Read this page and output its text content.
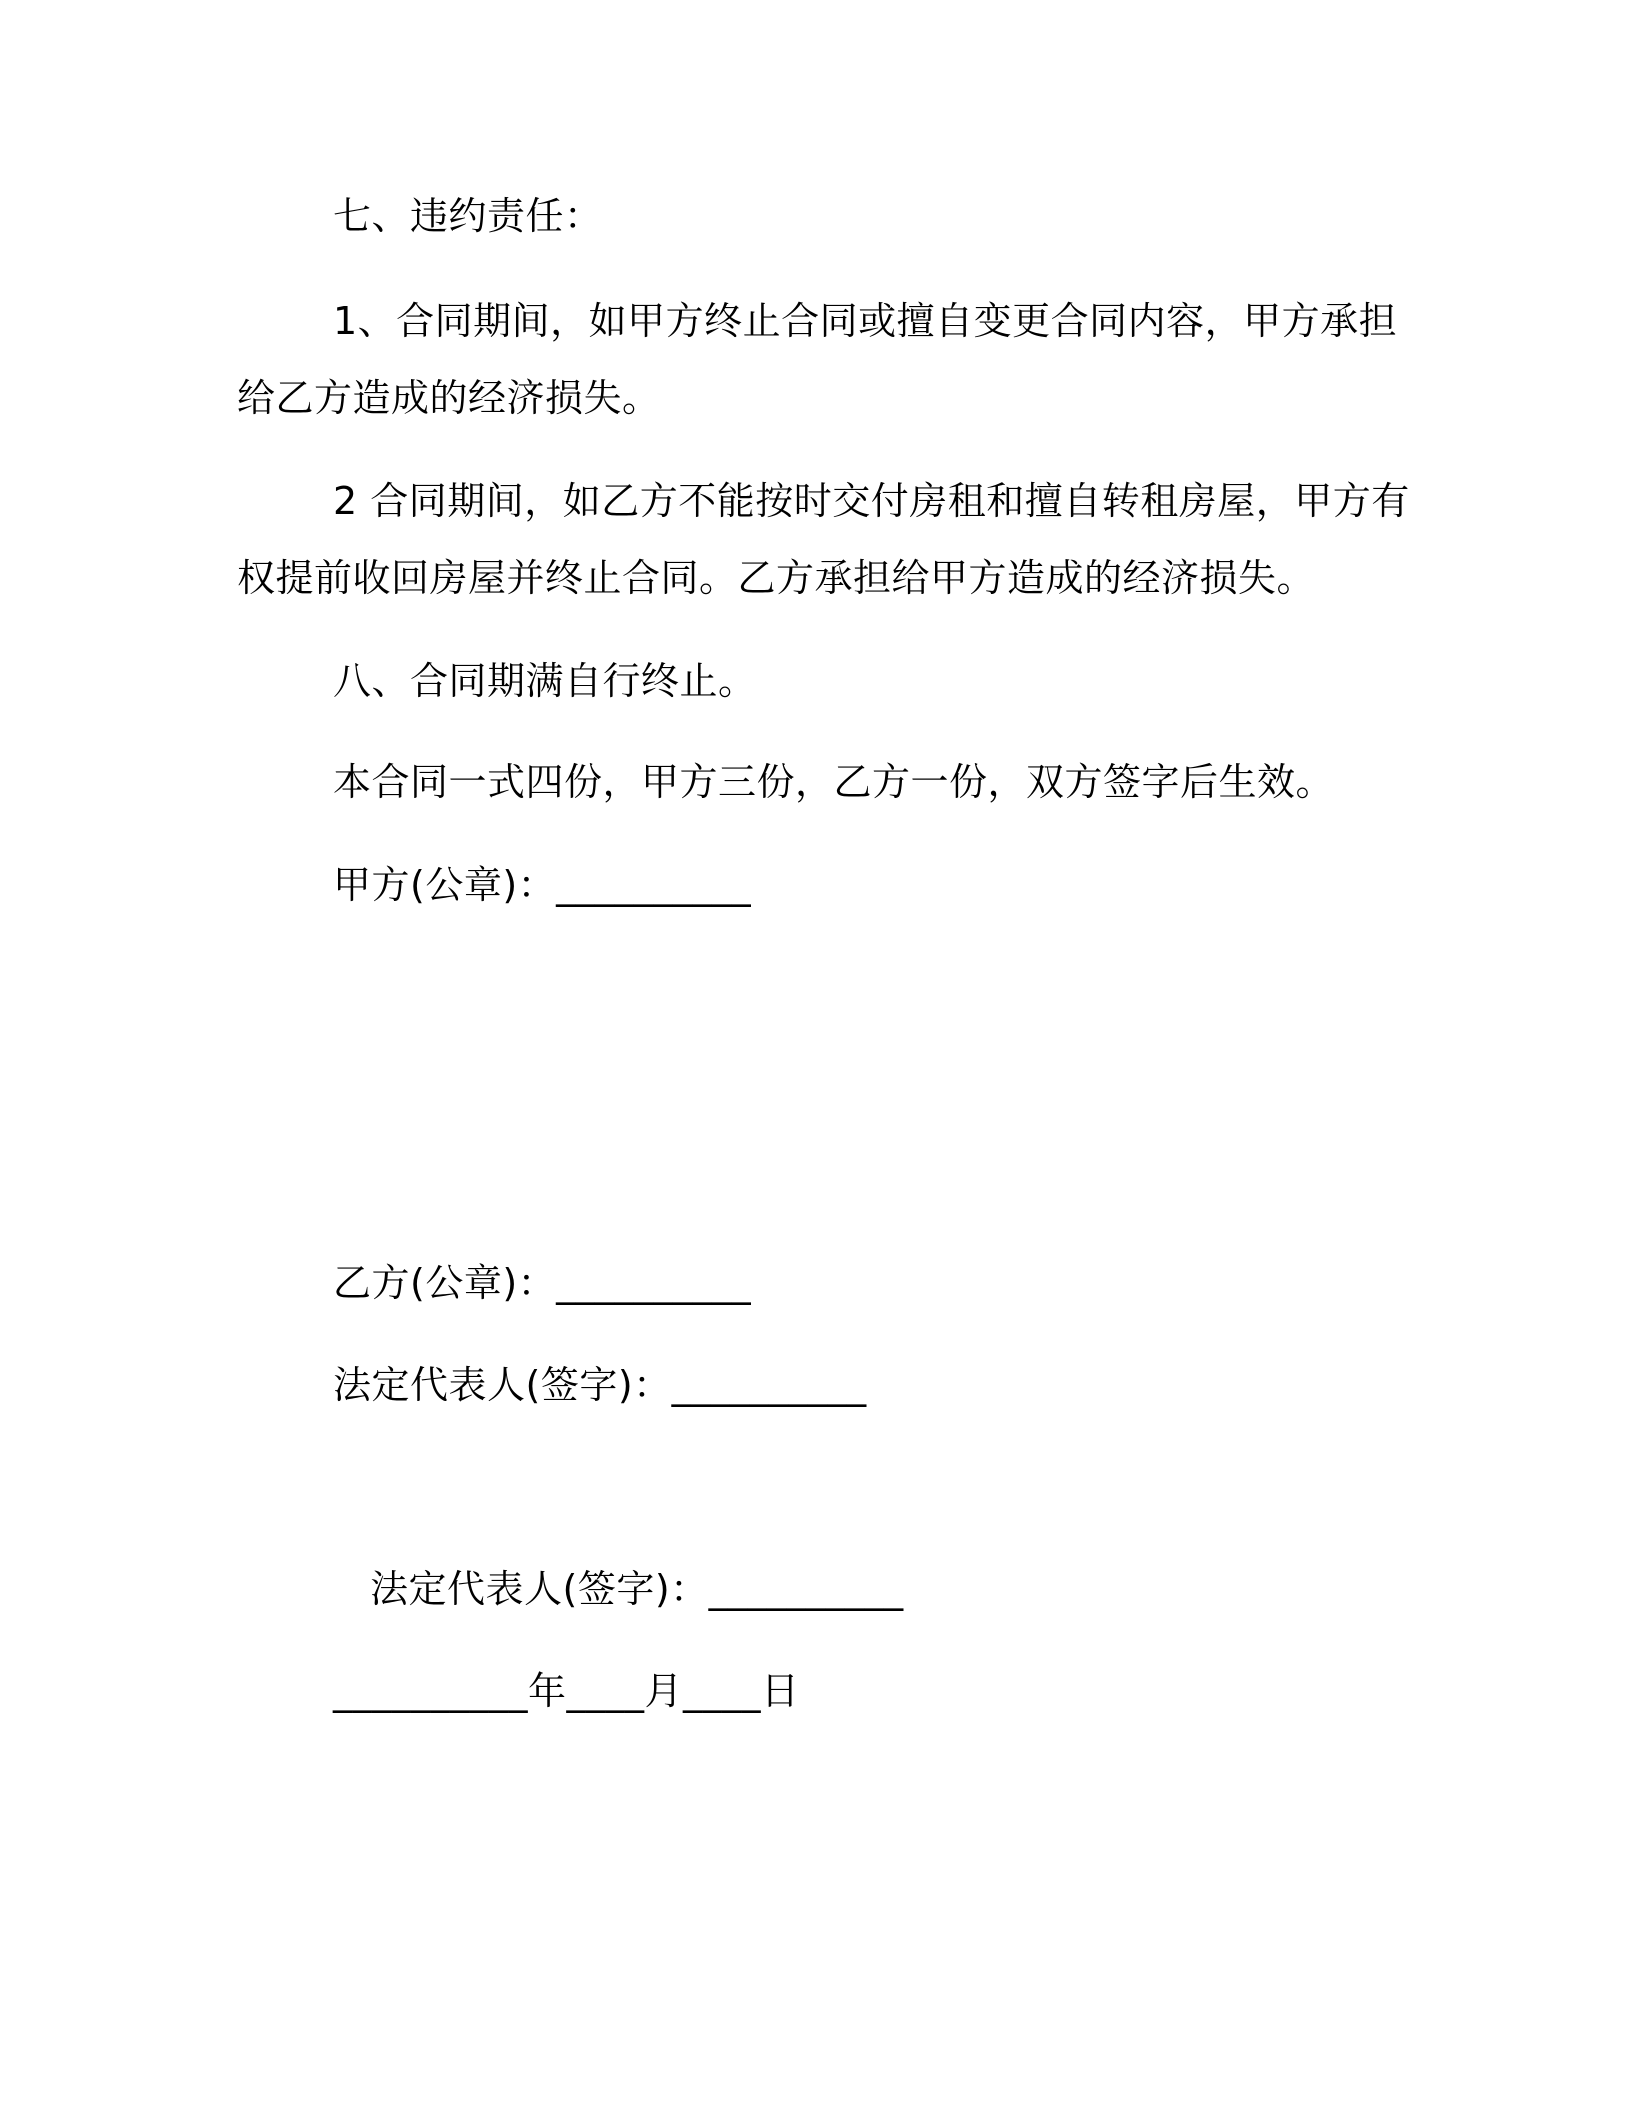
七、违约责任：
1、合同期间，如甲方终止合同或擅自变更合同内容，甲方承担
给乙方造成的经济损失。
2 合同期间，如乙方不能按时交付房租和擅自转租房屋，甲方有
权提前收回房屋并终止合同。乙方承担给甲方造成的经济损失。
八、合同期满自行终止。
本合同一式四份，甲方三份，乙方一份，双方签字后生效。
甲方(公章)：__________
乙方(公章)：__________
法定代表人(签字)：__________
法定代表人(签字)：__________
__________年____月____日
